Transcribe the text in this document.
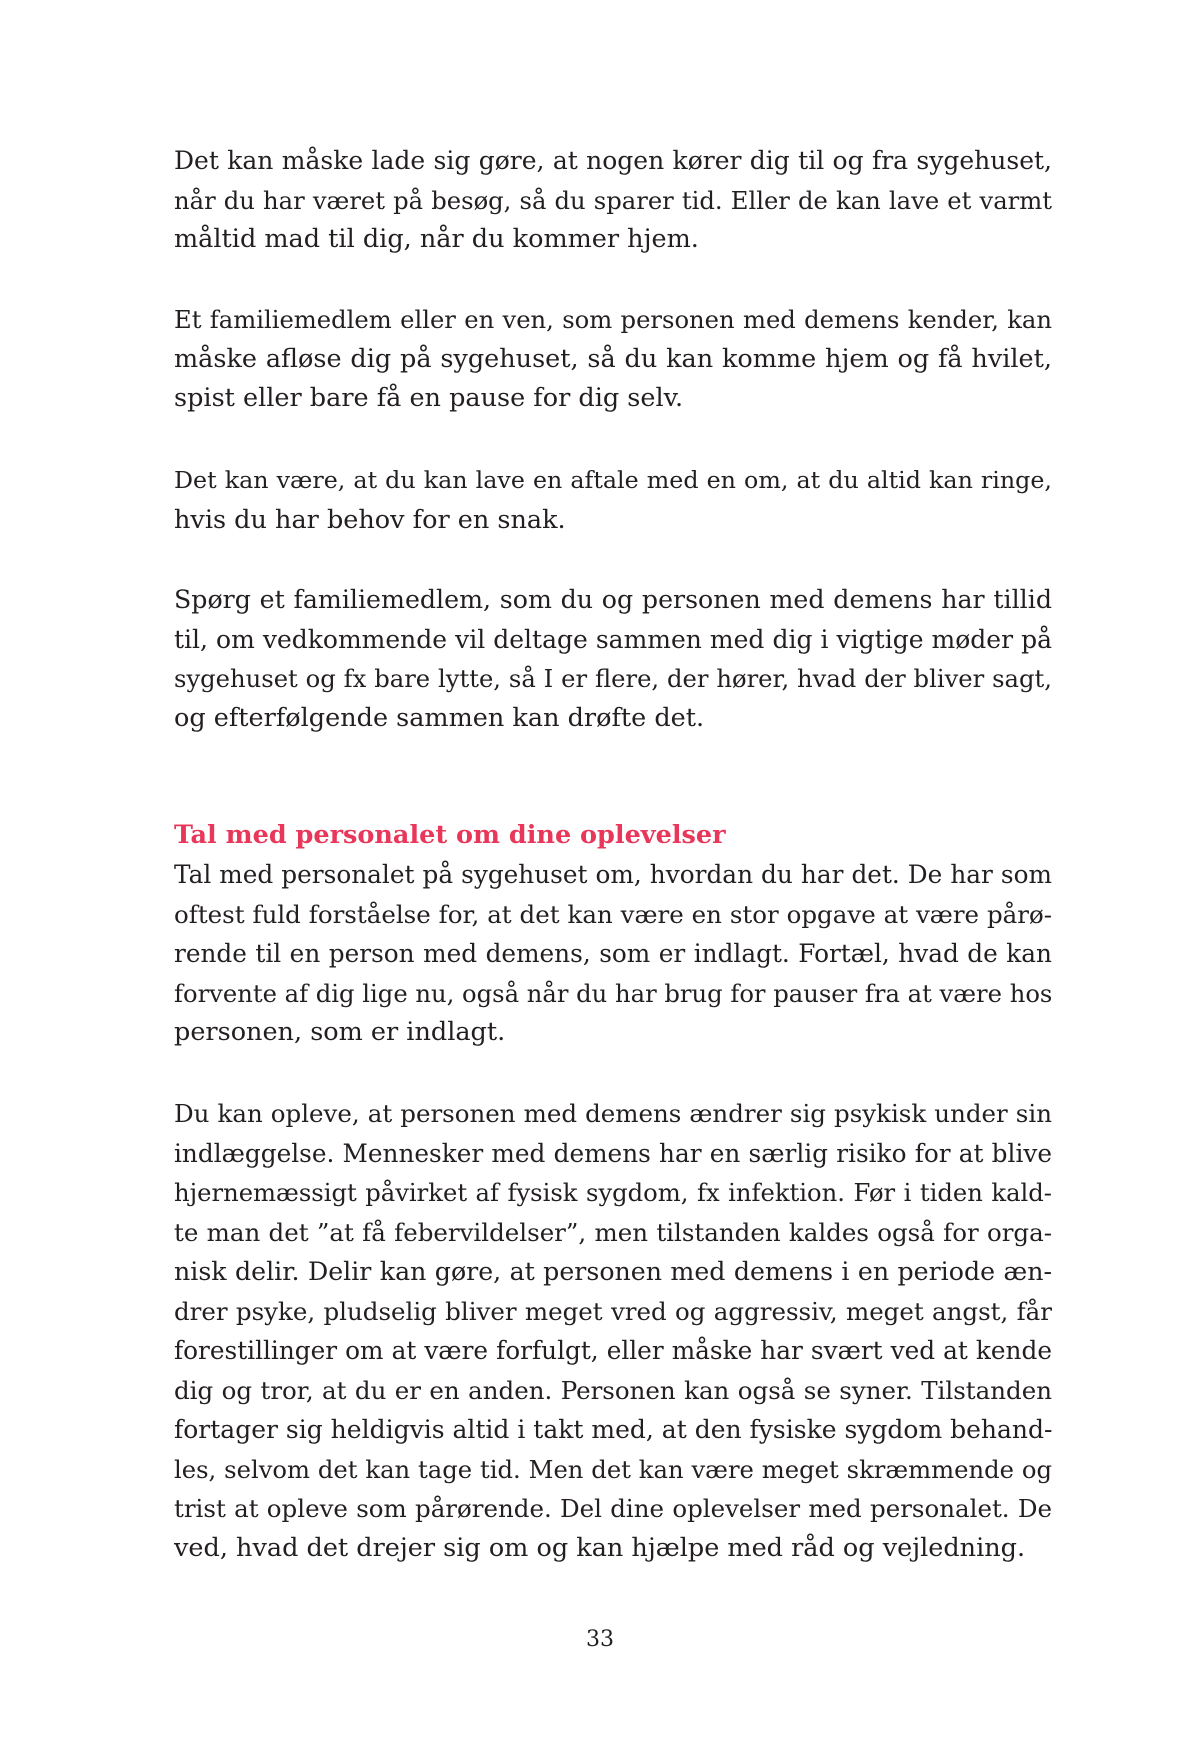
Det kan måske lade sig gøre, at nogen kører dig til og fra sygehuset,
når du har været på besøg, så du sparer tid. Eller de kan lave et varmt
måltid mad til dig, når du kommer hjem.
Et familiemedlem eller en ven, som personen med demens kender, kan
måske afløse dig på sygehuset, så du kan komme hjem og få hvilet,
spist eller bare få en pause for dig selv.
Det kan være, at du kan lave en aftale med en om, at du altid kan ringe,
hvis du har behov for en snak.
Spørg et familiemedlem, som du og personen med demens har tillid
til, om vedkommende vil deltage sammen med dig i vigtige møder på
sygehuset og fx bare lytte, så I er flere, der hører, hvad der bliver sagt,
og efterfølgende sammen kan drøfte det.
Tal med personalet om dine oplevelser
Tal med personalet på sygehuset om, hvordan du har det. De har som
oftest fuld forståelse for, at det kan være en stor opgave at være pårø-
rende til en person med demens, som er indlagt. Fortæl, hvad de kan
forvente af dig lige nu, også når du har brug for pauser fra at være hos
personen, som er indlagt.
Du kan opleve, at personen med demens ændrer sig psykisk under sin
indlæggelse. Mennesker med demens har en særlig risiko for at blive
hjernemæssigt påvirket af fysisk sygdom, fx infektion. Før i tiden kald-
te man det ”at få febervildelser”, men tilstanden kaldes også for orga-
nisk delir. Delir kan gøre, at personen med demens i en periode æn-
drer psyke, pludselig bliver meget vred og aggressiv, meget angst, får
forestillinger om at være forfulgt, eller måske har svært ved at kende
dig og tror, at du er en anden. Personen kan også se syner. Tilstanden
fortager sig heldigvis altid i takt med, at den fysiske sygdom behand-
les, selvom det kan tage tid. Men det kan være meget skræmmende og
trist at opleve som pårørende. Del dine oplevelser med personalet. De
ved, hvad det drejer sig om og kan hjælpe med råd og vejledning.
33
